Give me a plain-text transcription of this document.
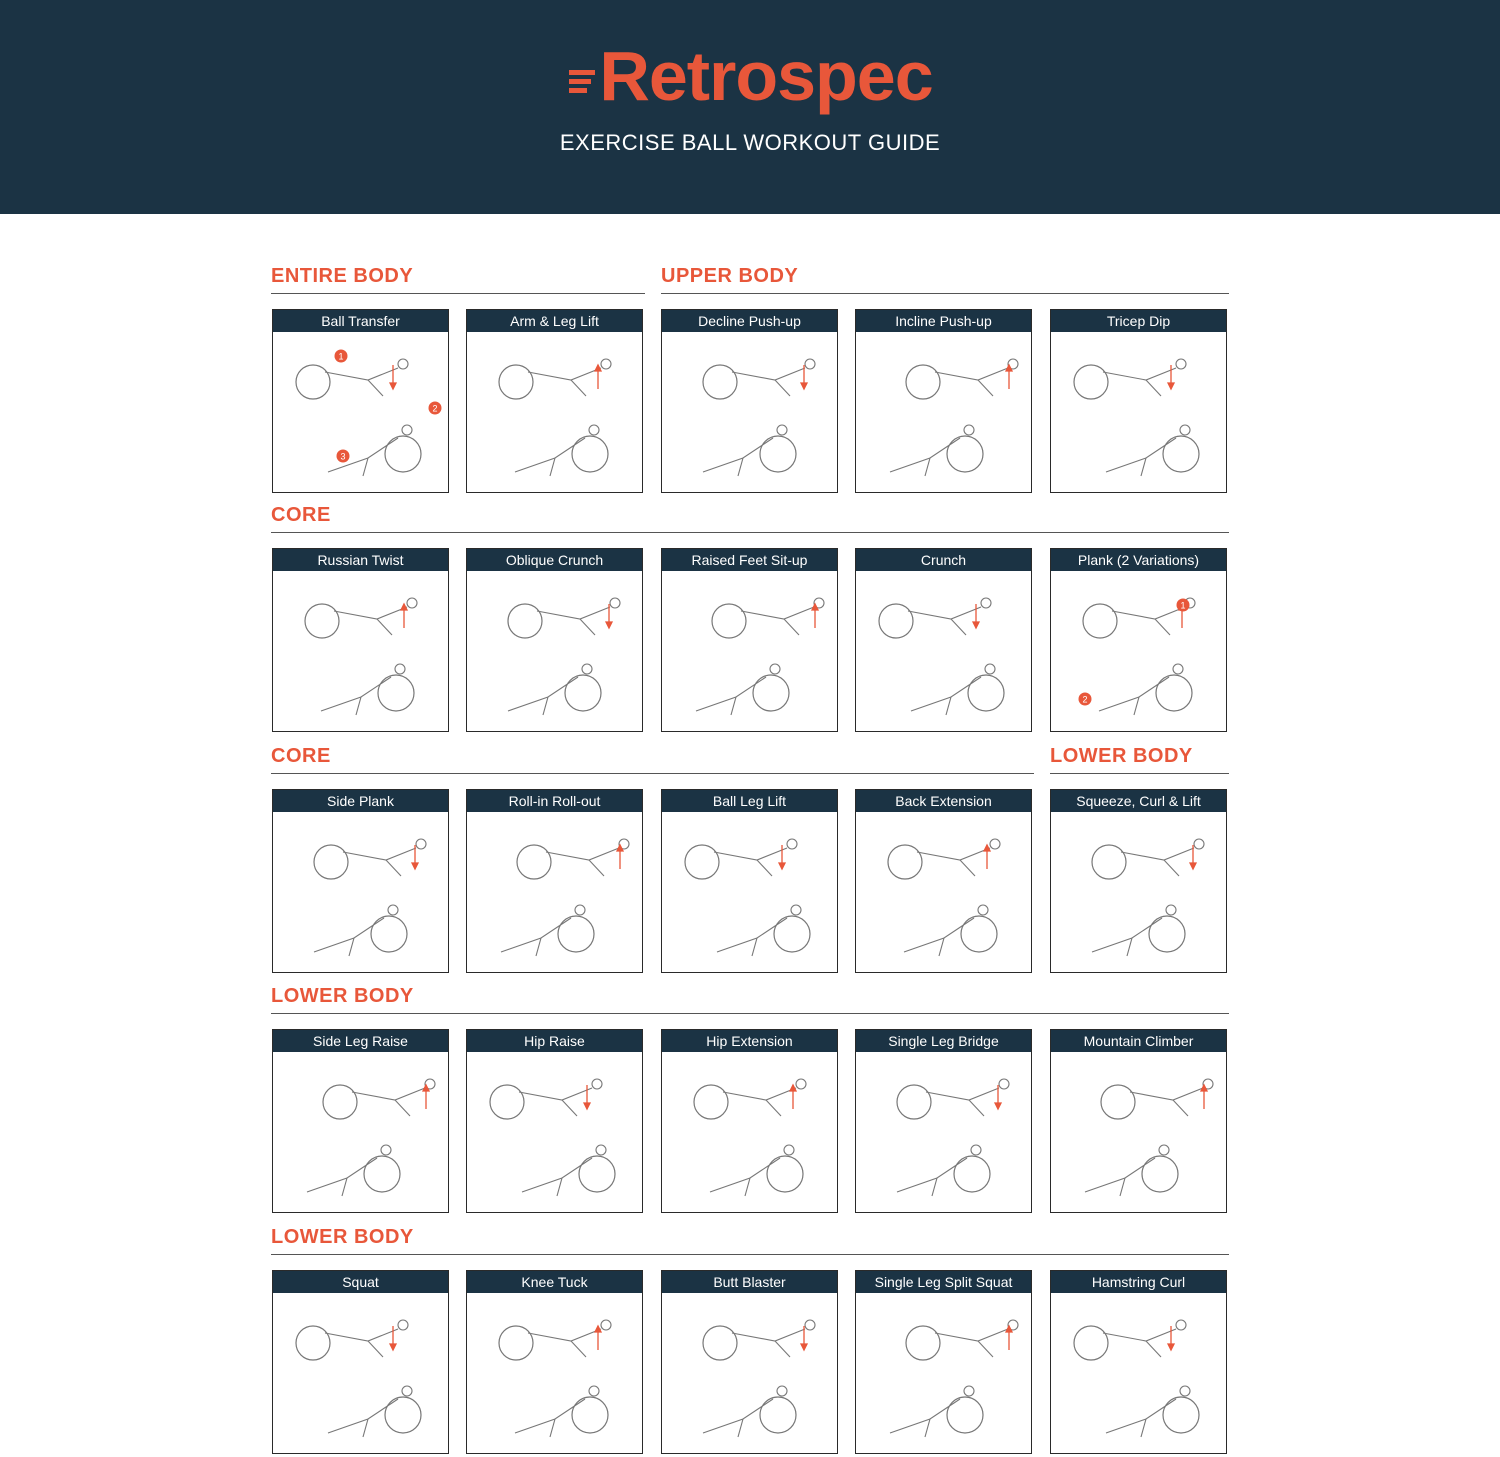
Retrospec
EXERCISE BALL WORKOUT GUIDE
ENTIRE BODY	UPPER BODY
CORE
CORE	LOWER BODY
LOWER BODY
LOWER BODY
Ball Transfer
1
2
3
Arm & Leg Lift	Decline Push-up	Incline Push-up	Tricep Dip
Russian Twist	Oblique Crunch	Raised Feet Sit-up	Crunch	Plank (2 Variations)
1
2
Side Plank	Roll-in Roll-out	Ball Leg Lift	Back Extension	Squeeze, Curl & Lift
Side Leg Raise	Hip Raise	Hip Extension	Single Leg Bridge	Mountain Climber
Squat	Knee Tuck	Butt Blaster	Single Leg Split Squat	Hamstring Curl
